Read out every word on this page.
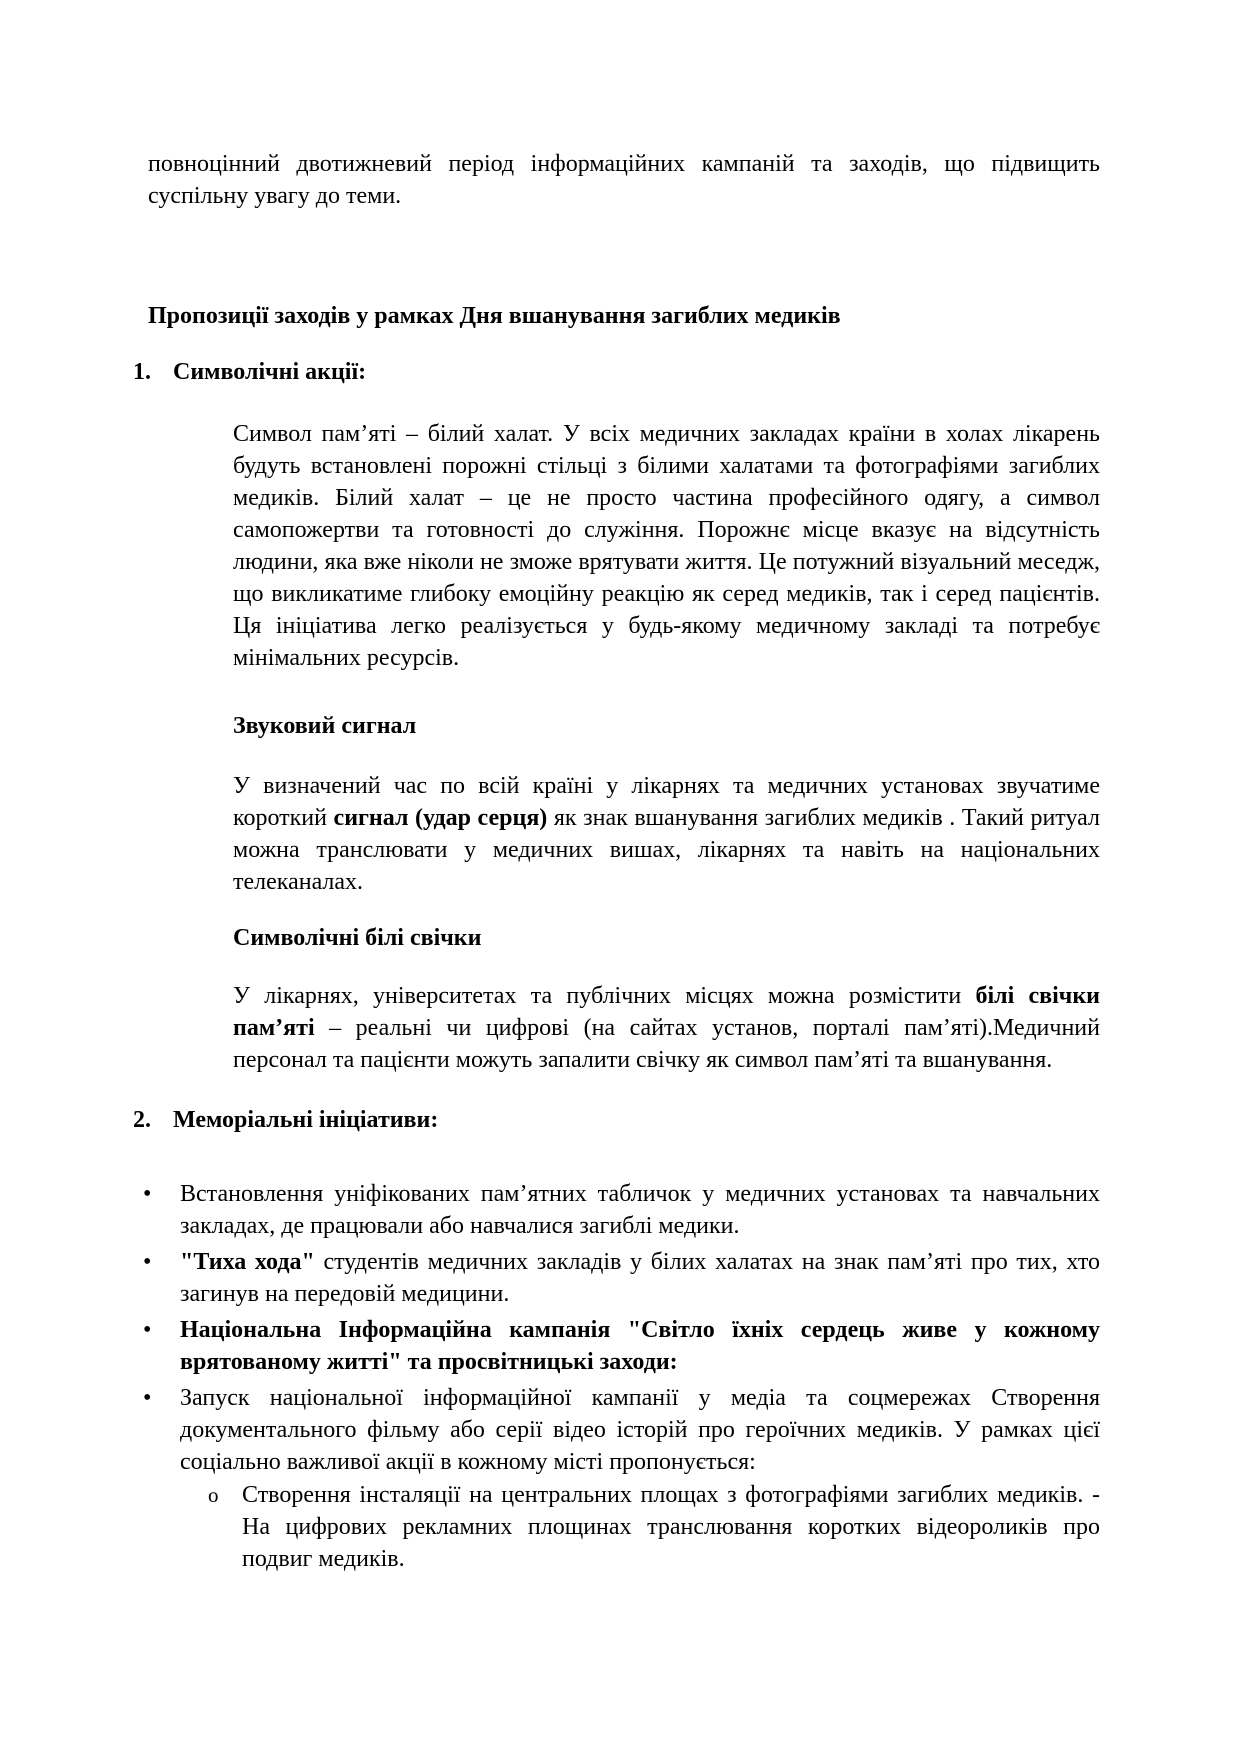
повноцінний двотижневий період інформаційних кампаній та заходів, що підвищить суспільну увагу до теми.

Пропозиції заходів у рамках Дня вшанування загиблих медиків

1. Символічні акції:

Символ пам’яті – білий халат. У всіх медичних закладах країни в холах лікарень будуть встановлені порожні стільці з білими халатами та фотографіями загиблих медиків. Білий халат – це не просто частина професійного одягу, а символ самопожертви та готовності до служіння. Порожнє місце вказує на відсутність людини, яка вже ніколи не зможе врятувати життя. Це потужний візуальний меседж, що викликатиме глибоку емоційну реакцію як серед медиків, так і серед пацієнтів. Ця ініціатива легко реалізується у будь-якому медичному закладі та потребує мінімальних ресурсів.

Звуковий сигнал

У визначений час по всій країні у лікарнях та медичних установах звучатиме короткий сигнал (удар серця) як знак вшанування загиблих медиків . Такий ритуал можна транслювати у медичних вишах, лікарнях та навіть на національних телеканалах.

Символічні білі свічки

У лікарнях, університетах та публічних місцях можна розмістити білі свічки пам’яті – реальні чи цифрові (на сайтах установ, порталі пам’яті).Медичний персонал та пацієнти можуть запалити свічку як символ пам’яті та вшанування.

2. Меморіальні ініціативи:
•	Встановлення уніфікованих пам’ятних табличок у медичних установах та навчальних закладах, де працювали або навчалися загиблі медики.
•	"Тиха хода" студентів медичних закладів у білих халатах на знак пам’яті про тих, хто загинув на передовій медицини.
•	Національна Інформаційна кампанія "Світло їхніх сердець живе у кожному врятованому житті" та просвітницькі заходи:
•	Запуск національної інформаційної кампанії у медіа та соцмережах Створення документального фільму або серії відео історій про героїчних медиків. У рамках цієї соціально важливої акції в кожному місті пропонується:
o Створення інсталяції на центральних площах з фотографіями загиблих медиків. - На цифрових рекламних площинах транслювання коротких відеороликів про подвиг медиків.
